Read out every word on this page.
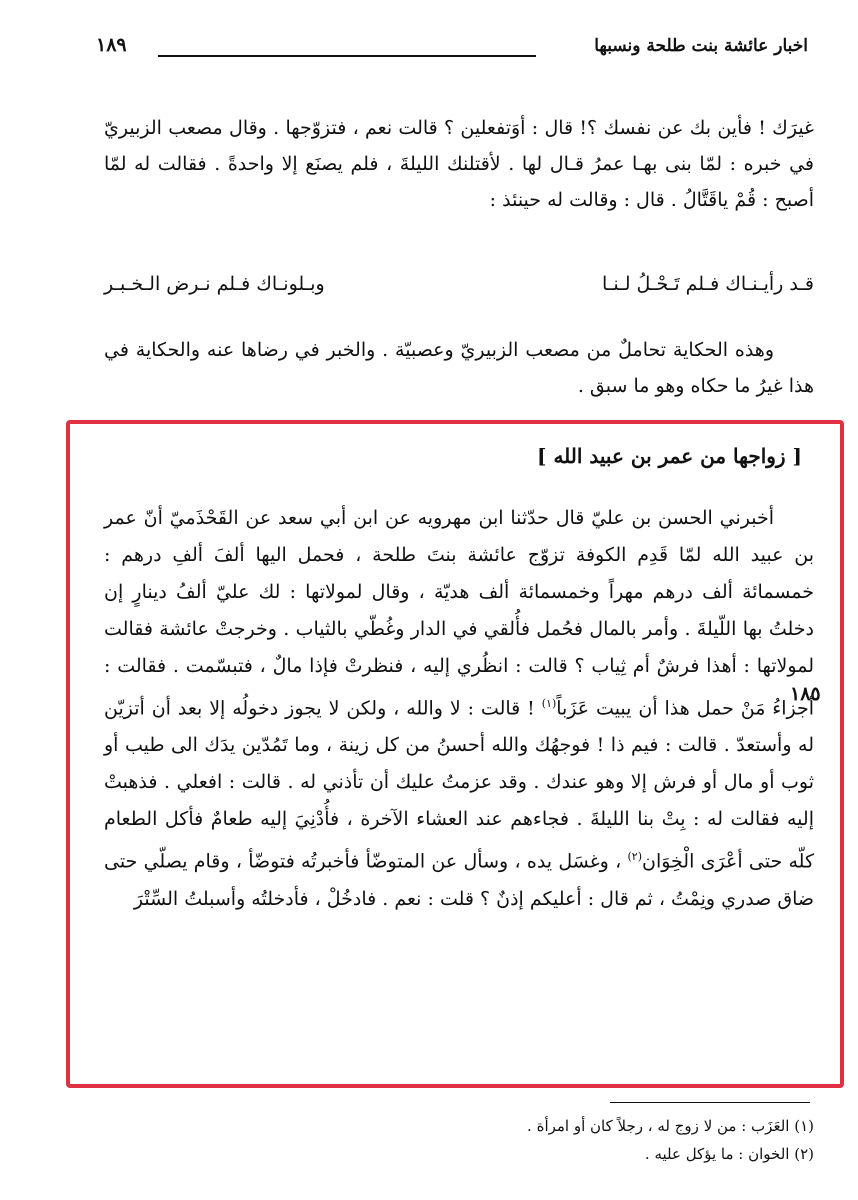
اخبار عائشة بنت طلحة ونسبها
١٨٩
غيرَك ! فأين بك عن نفسك ؟! قال : أوَتفعلين ؟ قالت نعم ، فتزوّجها . وقال مصعب الزبيريّ في خبره : لمّا بنى بهـا عمرُ قـال لها . لأقتلنك الليلةَ ، فلم يصنَع إلا واحدةً . فقالت له لمّا أصبح : قُمْ ياقَتَّالُ . قال : وقالت له حينئذ :
قـد رأيـنـاك فـلم تَـحْـلُ لـنـا
وبـلونـاك فـلم نـرض الـخـبـر
وهذه الحكاية تحاملٌ من مصعب الزبيريّ وعصبيّة . والخبر في رضاها عنه والحكاية في هذا غيرُ ما حكاه وهو ما سبق .
[ زواجها من عمر بن عبيد الله ]
أخبرني الحسن بن عليّ قال حدّثنا ابن مهرويه عن ابن أبي سعد عن القَحْذَميّ أنّ عمر بن عبيد الله لمّا قَدِم الكوفة تزوّج عائشة بنتَ طلحة ، فحمل اليها ألفَ ألفِ درهم : خمسمائة ألف درهم مهراً وخمسمائة ألف هديّة ، وقال لمولاتها : لك عليّ ألفُ دينارٍ إن دخلتُ بها اللّيلةَ . وأمر بالمال فحُمل فأُلقي في الدار وغُطّي بالثياب . وخرجتْ عائشة فقالت لمولاتها : أهذا فرشٌ أم ثِياب ؟ قالت : انظُري إليه ، فنظرتْ فإذا مالٌ ، فتبسّمت . فقالت : أجزاءُ مَنْ حمل هذا أن يبيت عَزَباً$^{(١)}$ ! قالت : لا والله ، ولكن لا يجوز دخولُه إلا بعد أن أتزيّن له وأستعدّ . قالت : فيم ذا ! فوجهُك والله أحسنُ من كل زينة ، وما تَمُدّين يدَك الى طيب أو ثوب أو مال أو فرش إلا وهو عندك . وقد عزمتُ عليك أن تأذني له . قالت : افعلي . فذهبتْ إليه فقالت له : بِتْ بنا الليلةَ . فجاءهم عند العشاء الآخرة ، فأُدْنِيَ إليه طعامٌ فأكل الطعام كلّه حتى أعْرَى الْخِوَان$^{(٢)}$ ، وغسَل يده ، وسأل عن المتوضّأ فأخبرتُه فتوضّأ ، وقام يصلّي حتى ضاق صدري ونِمْتُ ، ثم قال : أعليكم إذنٌ ؟ قلت : نعم . فادخُلْ ، فأدخلتُه وأسبلتُ السِّتْرَ
١٨٥
(١) العَزَب : من لا زوج له ، رجلاً كان أو امرأة .
(٢) الخوان : ما يؤكل عليه .
